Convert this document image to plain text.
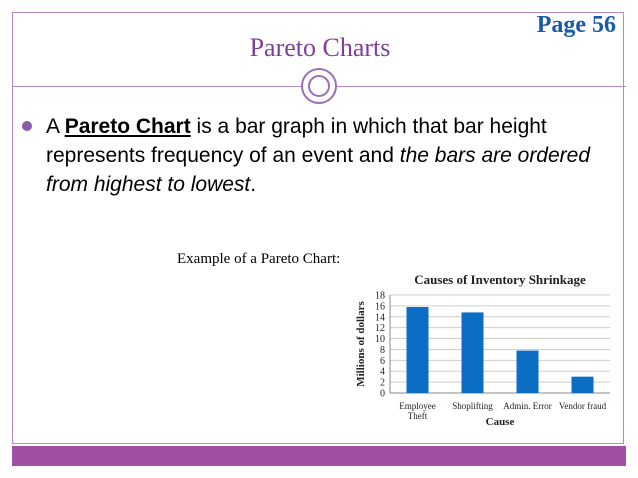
Pareto Charts

Page 56

A Pareto Chart is a bar graph in which that bar height represents frequency of an event and the bars are ordered from highest to lowest.

Example of a Pareto Chart:

Causes of Inventory Shrinkage
0
2
4
6
8
10
12
14
16
18
Employee
Theft
Shoplifting Admin. Error Vendor fraud
Cause
Millions of dollars
